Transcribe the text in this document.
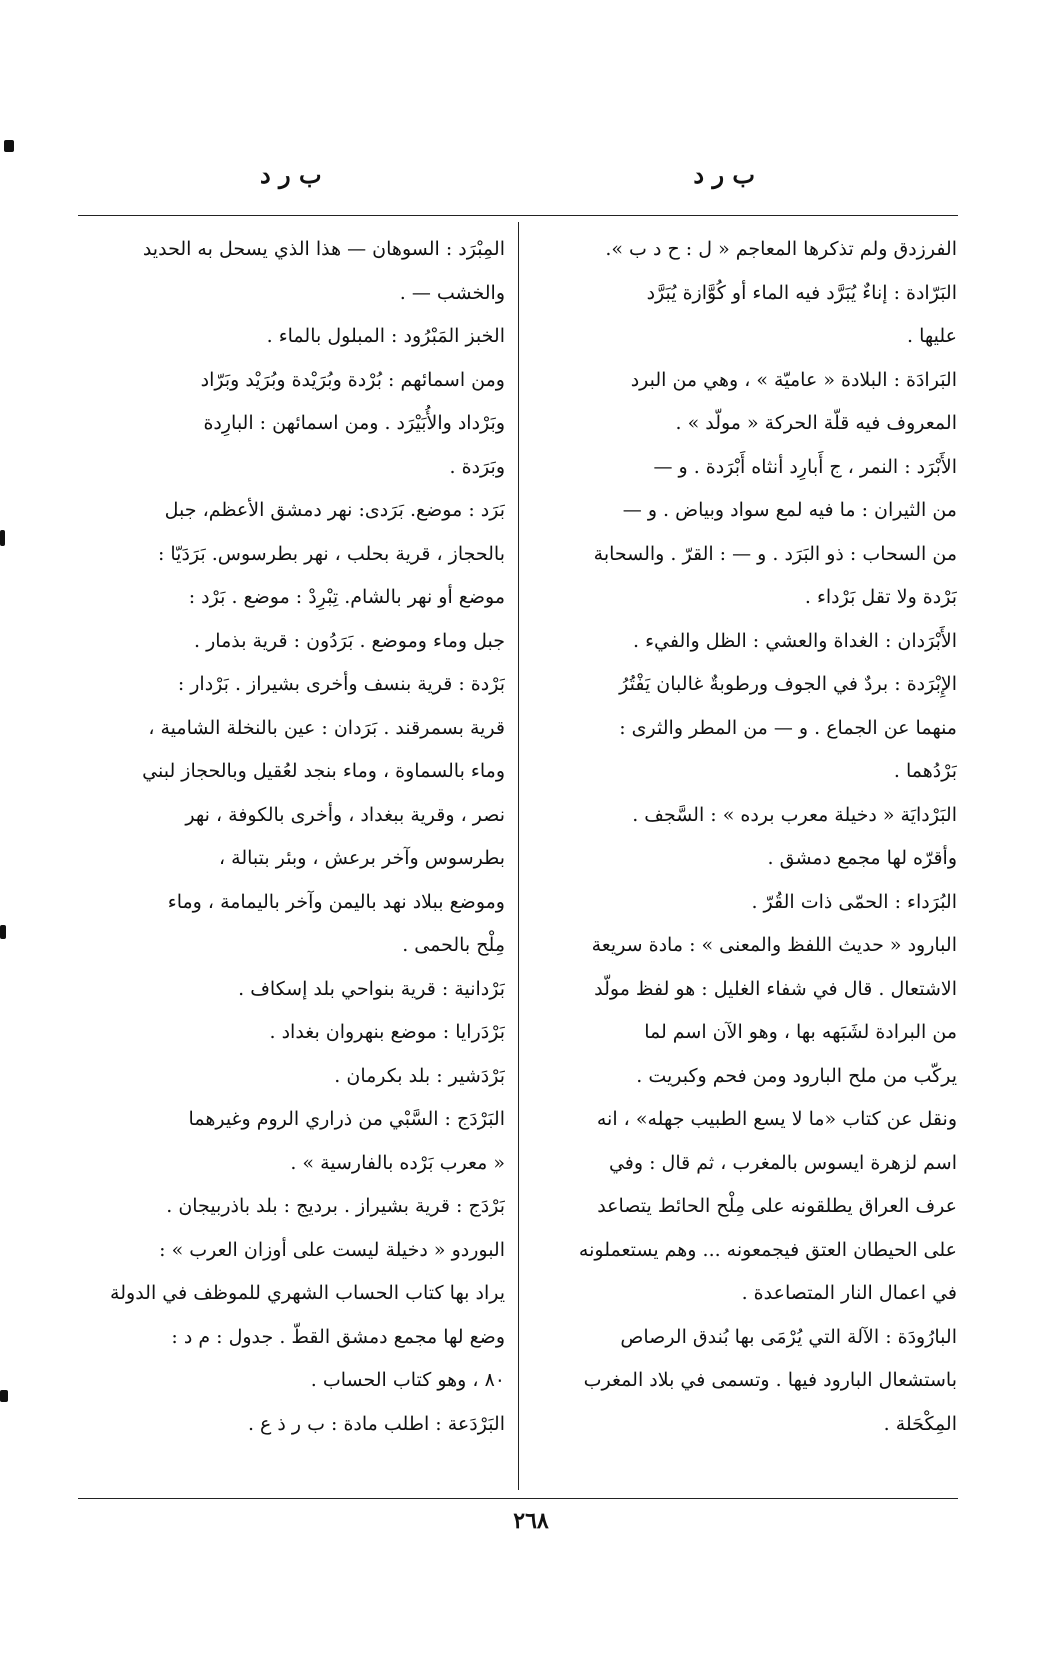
ب ر د
ب ر د
الفرزدق ولم تذكرها المعاجم « ل : ح د ب ».
البَرّادة : إناءٌ يُبَرَّد فيه الماء أو كُوَّازة يُبَرَّد
عليها .
البَرادَة : البلادة « عاميّة » ، وهي من البرد
المعروف فيه قلّة الحركة « مولّد » .
الأَبْرَد : النمر ، ج أَبارِد أنثاه أَبْرَدة . و —
من الثيران : ما فيه لمع سواد وبياض . و —
من السحاب : ذو البَرَد . و — : القرّ . والسحابة
بَرْدة ولا تقل بَرْداء .
الأَبْرَدان : الغداة والعشي : الظل والفيء .
الإِبْرَدة : بردٌ في الجوف ورطوبةٌ غالبان يَفْتُرُ
منهما عن الجماع . و — من المطر والثرى :
بَرْدُهما .
البَرْدايَة « دخيلة معرب برده » : السَّجف .
وأقرّه لها مجمع دمشق .
البُرَداء : الحمّى ذات القُرّ .
البارود « حديث اللفظ والمعنى » : مادة سريعة
الاشتعال . قال في شفاء الغليل : هو لفظ مولّد
من البرادة لشَبَهه بها ، وهو الآن اسم لما
يركّب من ملح البارود ومن فحم وكبريت .
ونقل عن كتاب «ما لا يسع الطبيب جهله» ، انه
اسم لزهرة ايسوس بالمغرب ، ثم قال : وفي
عرف العراق يطلقونه على مِلْح الحائط يتصاعد
على الحيطان العتق فيجمعونه ... وهم يستعملونه
في اعمال النار المتصاعدة .
البارُودَة : الآلة التي يُرْمَى بها بُندق الرصاص
باستشعال البارود فيها . وتسمى في بلاد المغرب
المِكْحَلة .
المِبْرَد : السوهان — هذا الذي يسحل به الحديد
والخشب — .
الخبز المَبْرُود : المبلول بالماء .
ومن اسمائهم : بُرْدة وبُرَيْدة وبُرَيْد وبَرّاد
وبَرْداد والأُبَيْرَد . ومن اسمائهن : البارِدة
وبَرَدة .
بَرَد : موضع. بَرَدى: نهر دمشق الأعظم، جبل
بالحجاز ، قرية بحلب ، نهر بطرسوس. بَرَدَيّا :
موضع أو نهر بالشام. تِبْرِدْ : موضع . بَرْد :
جبل وماء وموضع . بَرَدُون : قرية بذمار .
بَرْدة : قرية بنسف وأخرى بشيراز . بَرْدار :
قرية بسمرقند . بَرَدان : عين بالنخلة الشامية ،
وماء بالسماوة ، وماء بنجد لعُقيل وبالحجاز لبني
نصر ، وقرية ببغداد ، وأخرى بالكوفة ، نهر
بطرسوس وآخر برعش ، وبئر بتبالة ،
وموضع ببلاد نهد باليمن وآخر باليمامة ، وماء
مِلْح بالحمى .
بَرْدانية : قرية بنواحي بلد إسكاف .
بَرْدَرايا : موضع بنهروان بغداد .
بَرْدَشير : بلد بكرمان .
البَرْدَج : السَّبْي من ذراري الروم وغيرهما
« معرب بَرْده بالفارسية » .
بَرْدَج : قرية بشيراز . برديج : بلد باذربيجان .
البوردو « دخيلة ليست على أوزان العرب » :
يراد بها كتاب الحساب الشهري للموظف في الدولة
وضع لها مجمع دمشق القطّ . جدول : م د :
٨٠ ، وهو كتاب الحساب .
البَرْدَعة : اطلب مادة : ب ر ذ ع .
٢٦٨
